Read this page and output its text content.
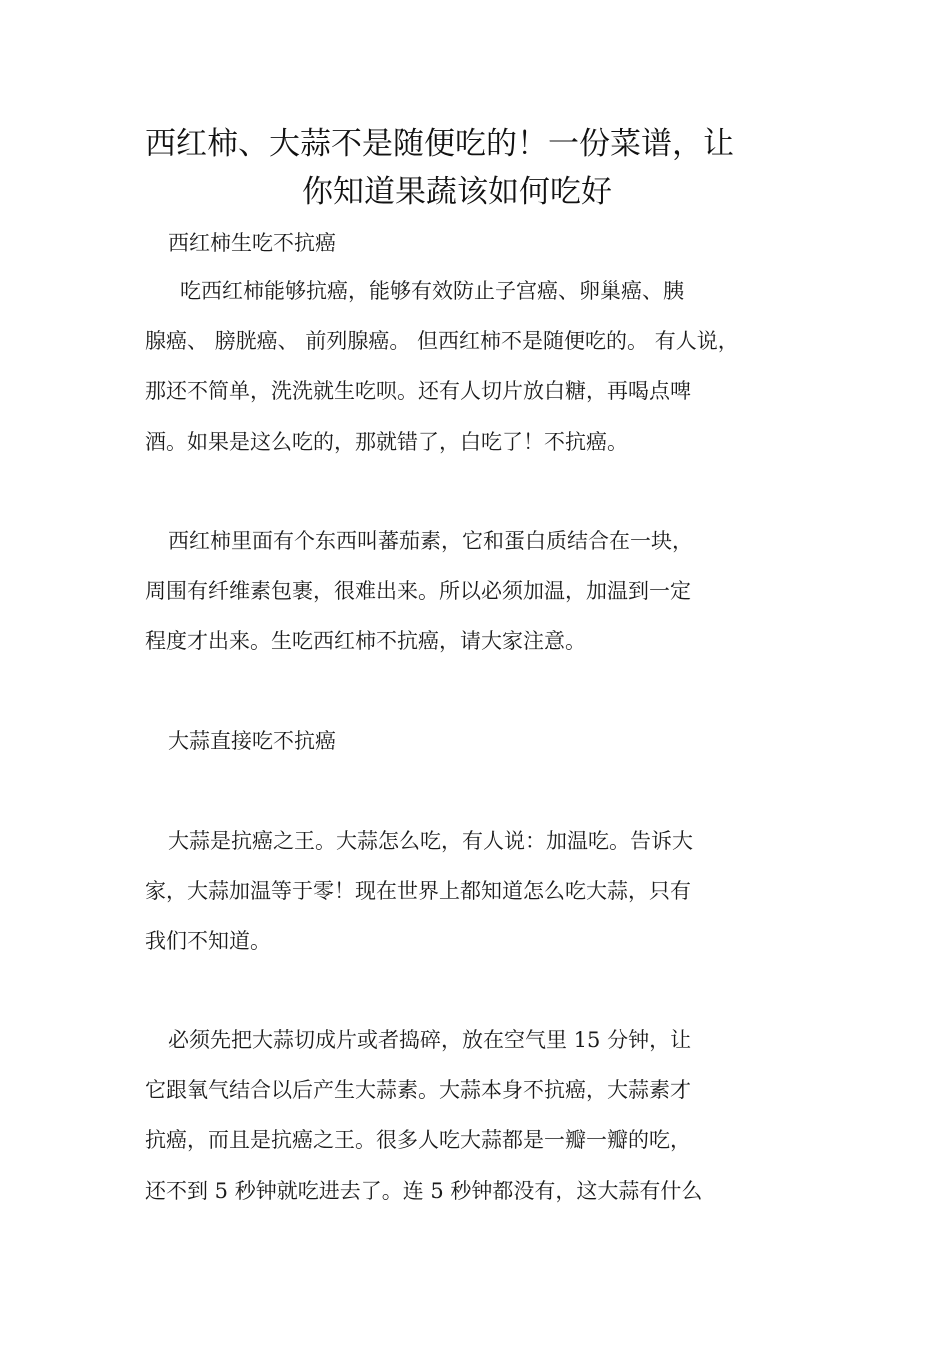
西红柿、大蒜不是随便吃的！一份菜谱，让
你知道果蔬该如何吃好
西红柿生吃不抗癌
吃西红柿能够抗癌，能够有效防止子宫癌、卵巢癌、胰
腺癌、 膀胱癌、 前列腺癌。 但西红柿不是随便吃的。 有人说，
那还不简单，洗洗就生吃呗。还有人切片放白糖，再喝点啤
酒。如果是这么吃的，那就错了，白吃了！不抗癌。
西红柿里面有个东西叫蕃茄素，它和蛋白质结合在一块，
周围有纤维素包裹，很难出来。所以必须加温，加温到一定
程度才出来。生吃西红柿不抗癌，请大家注意。
大蒜直接吃不抗癌
大蒜是抗癌之王。大蒜怎么吃，有人说：加温吃。告诉大
家，大蒜加温等于零！现在世界上都知道怎么吃大蒜，只有
我们不知道。
必须先把大蒜切成片或者捣碎，放在空气里 15 分钟，让
它跟氧气结合以后产生大蒜素。大蒜本身不抗癌，大蒜素才
抗癌，而且是抗癌之王。很多人吃大蒜都是一瓣一瓣的吃，
还不到 5 秒钟就吃进去了。连 5 秒钟都没有，这大蒜有什么
